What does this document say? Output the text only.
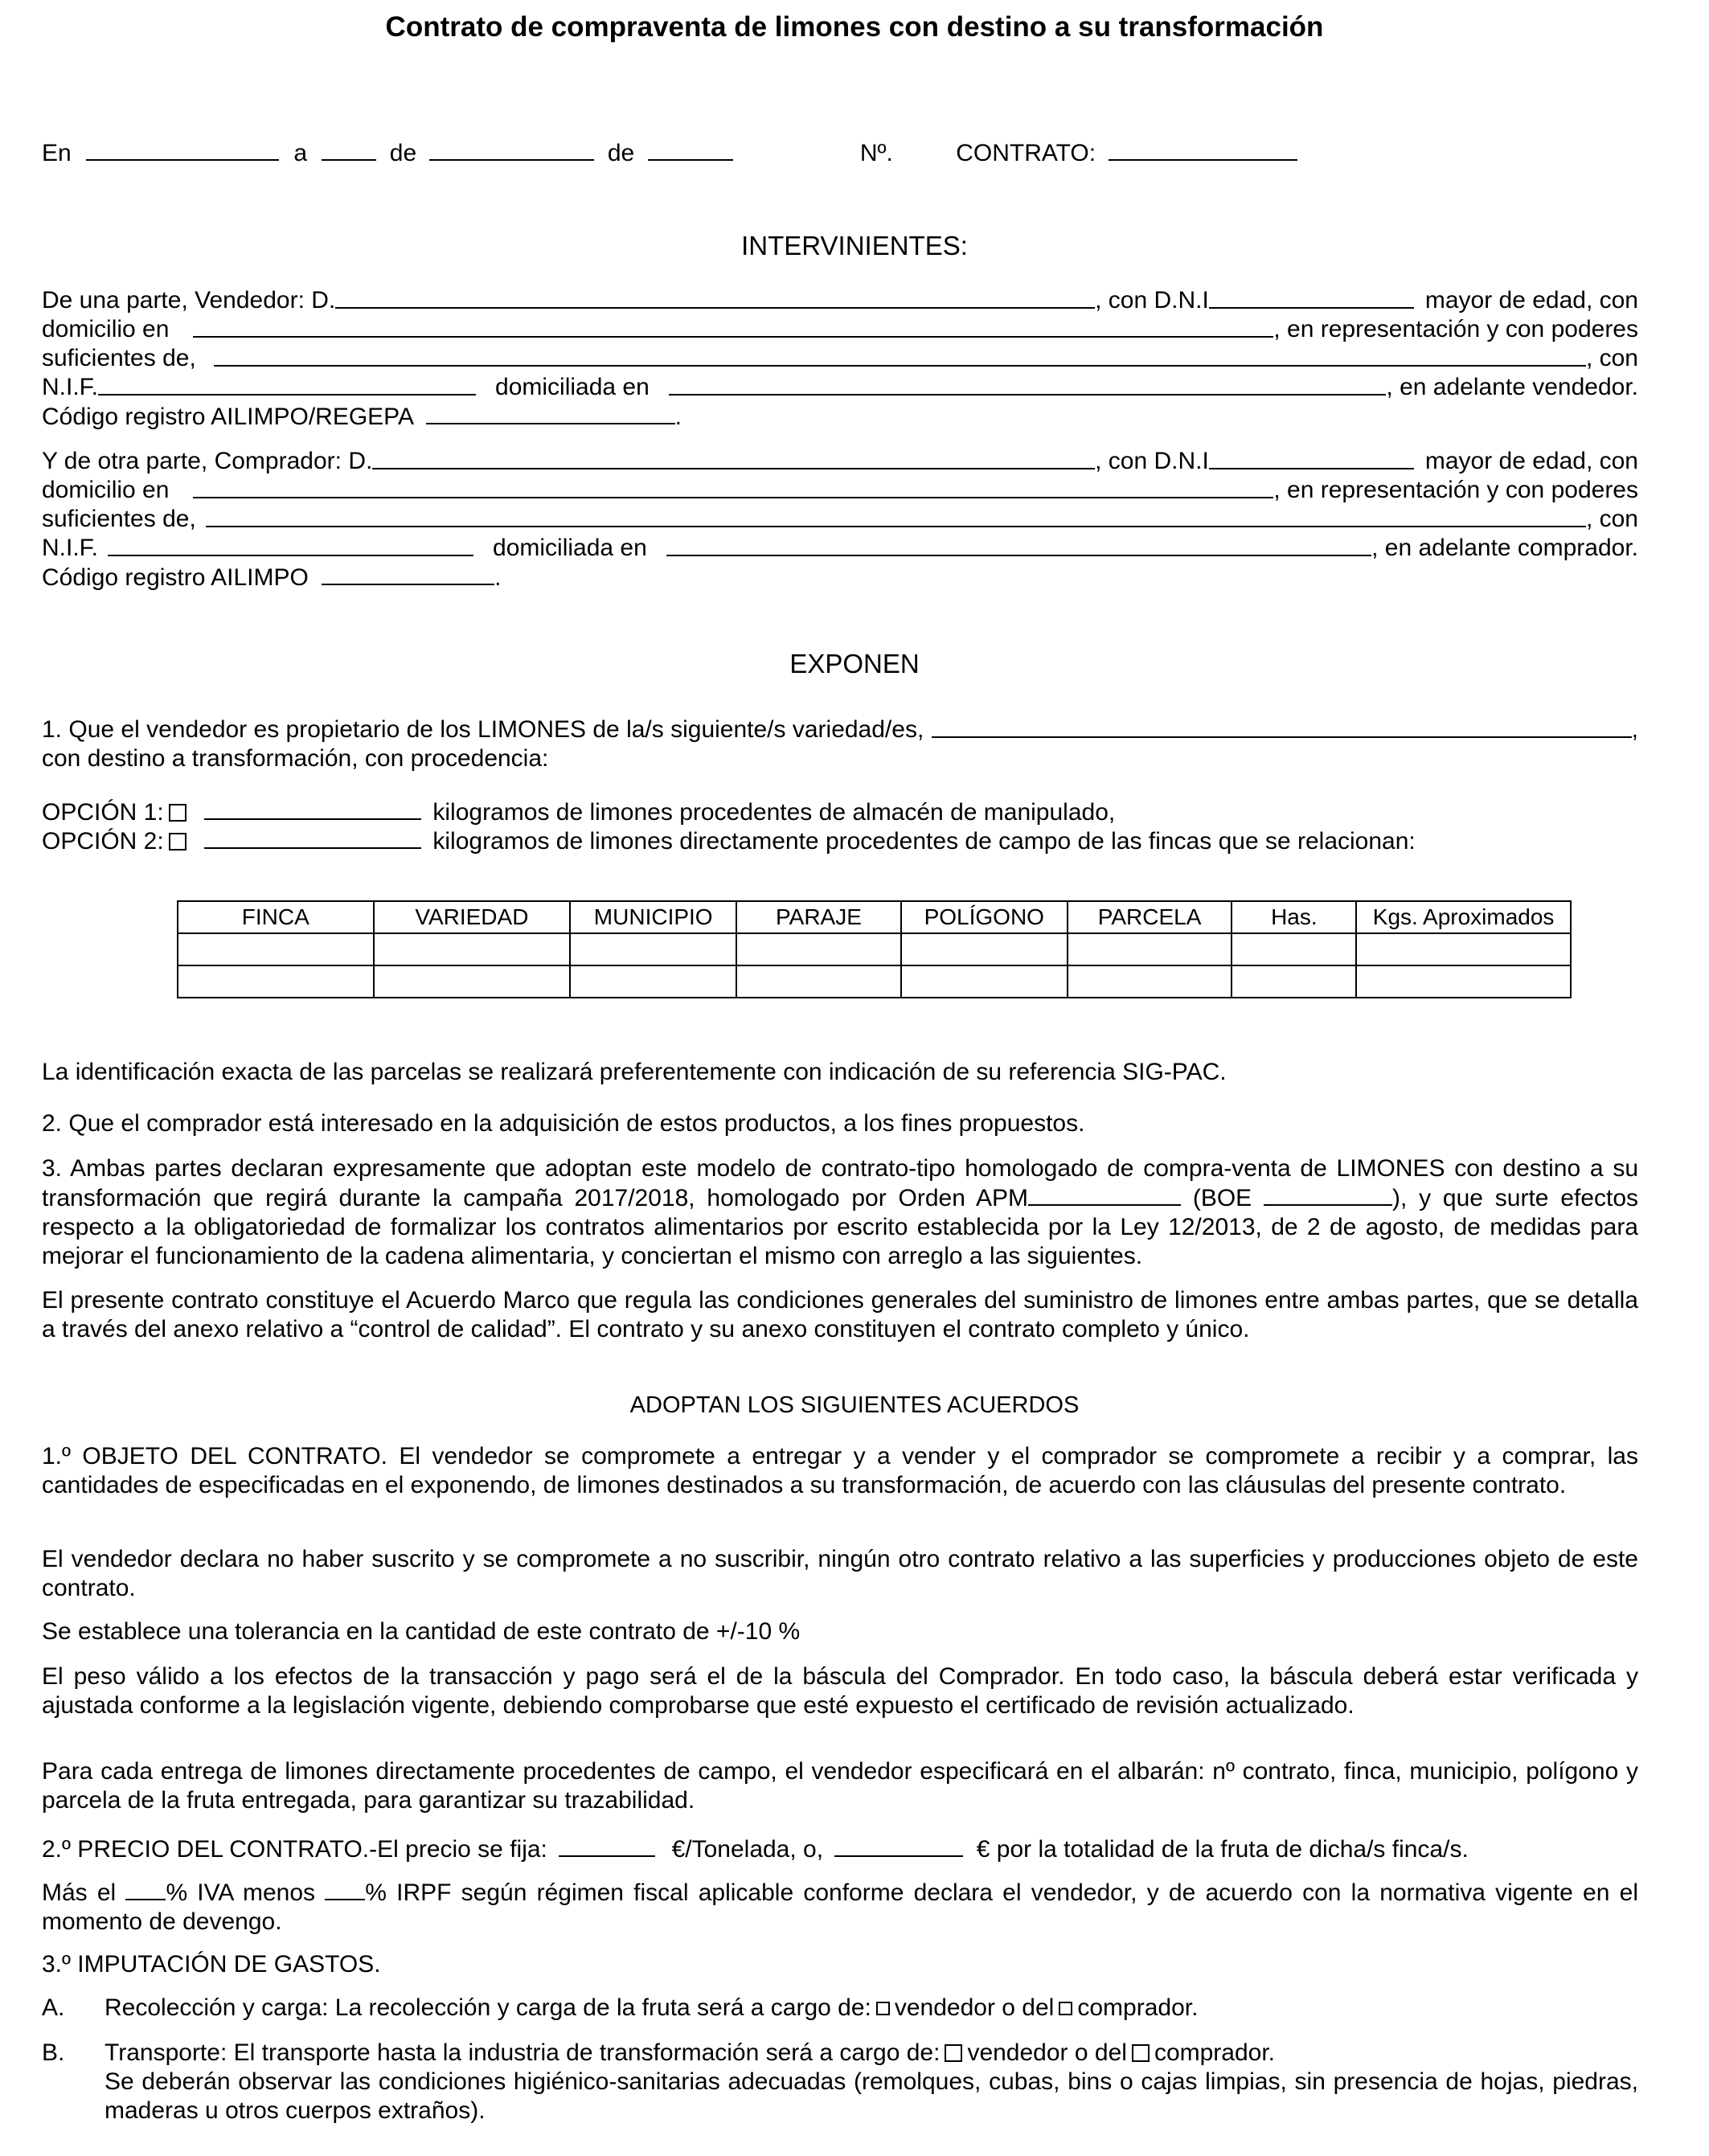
Contrato de compraventa de limones con destino a su transformación
En	a	de	de	Nº.	CONTRATO:
INTERVINIENTES:
De una parte, Vendedor: D.	, con D.N.I	mayor de edad, con
domicilio en	, en representación y con poderes
suficientes de,	, con
N.I.F.	domiciliada en	, en adelante vendedor.
Código registro AILIMPO/REGEPA	.
Y de otra parte, Comprador: D.	, con D.N.I	mayor de edad, con
domicilio en	, en representación y con poderes
suficientes de,	, con
N.I.F.	domiciliada en	, en adelante comprador.
Código registro AILIMPO	.
EXPONEN
1. Que el vendedor es propietario de los LIMONES de la/s siguiente/s variedad/es,	,
con destino a transformación, con procedencia:
OPCIÓN 1:	kilogramos de limones procedentes de almacén de manipulado,
OPCIÓN 2:	kilogramos de limones directamente procedentes de campo de las fincas que se relacionan:
FINCA	VARIEDAD	MUNICIPIO	PARAJE	POLÍGONO	PARCELA	Has.	Kgs. Aproximados

La identificación exacta de las parcelas se realizará preferentemente con indicación de su referencia SIG-PAC.
2. Que el comprador está interesado en la adquisición de estos productos, a los fines propuestos.
3. Ambas partes declaran expresamente que adoptan este modelo de contrato-tipo homologado de compra-venta de LIMONES con destino a su transformación que regirá durante la campaña 2017/2018, homologado por Orden APM	(BOE	), y que surte efectos respecto a la obligatoriedad de formalizar los contratos alimentarios por escrito establecida por la Ley 12/2013, de 2 de agosto, de medidas para mejorar el funcionamiento de la cadena alimentaria, y conciertan el mismo con arreglo a las siguientes.
El presente contrato constituye el Acuerdo Marco que regula las condiciones generales del suministro de limones entre ambas partes, que se detalla a través del anexo relativo a “control de calidad”. El contrato y su anexo constituyen el contrato completo y único.
ADOPTAN LOS SIGUIENTES ACUERDOS
1.º OBJETO DEL CONTRATO. El vendedor se compromete a entregar y a vender y el comprador se compromete a recibir y a comprar, las cantidades de especificadas en el exponendo, de limones destinados a su transformación, de acuerdo con las cláusulas del presente contrato.
El vendedor declara no haber suscrito y se compromete a no suscribir, ningún otro contrato relativo a las superficies y producciones objeto de este contrato.
Se establece una tolerancia en la cantidad de este contrato de +/-10 %
El peso válido a los efectos de la transacción y pago será el de la báscula del Comprador. En todo caso, la báscula deberá estar verificada y ajustada conforme a la legislación vigente, debiendo comprobarse que esté expuesto el certificado de revisión actualizado.
Para cada entrega de limones directamente procedentes de campo, el vendedor especificará en el albarán: nº contrato, finca, municipio, polígono y parcela de la fruta entregada, para garantizar su trazabilidad.
2.º PRECIO DEL CONTRATO.-El precio se fija:	€/Tonelada, o,	€ por la totalidad de la fruta de dicha/s finca/s.
Más el % IVA menos % IRPF según régimen fiscal aplicable conforme declara el vendedor, y de acuerdo con la normativa vigente en el momento de devengo.
3.º IMPUTACIÓN DE GASTOS.
A. Recolección y carga: La recolección y carga de la fruta será a cargo de: vendedor o del comprador.
B. Transporte: El transporte hasta la industria de transformación será a cargo de: vendedor o del comprador.
Se deberán observar las condiciones higiénico-sanitarias adecuadas (remolques, cubas, bins o cajas limpias, sin presencia de hojas, piedras, maderas u otros cuerpos extraños).
